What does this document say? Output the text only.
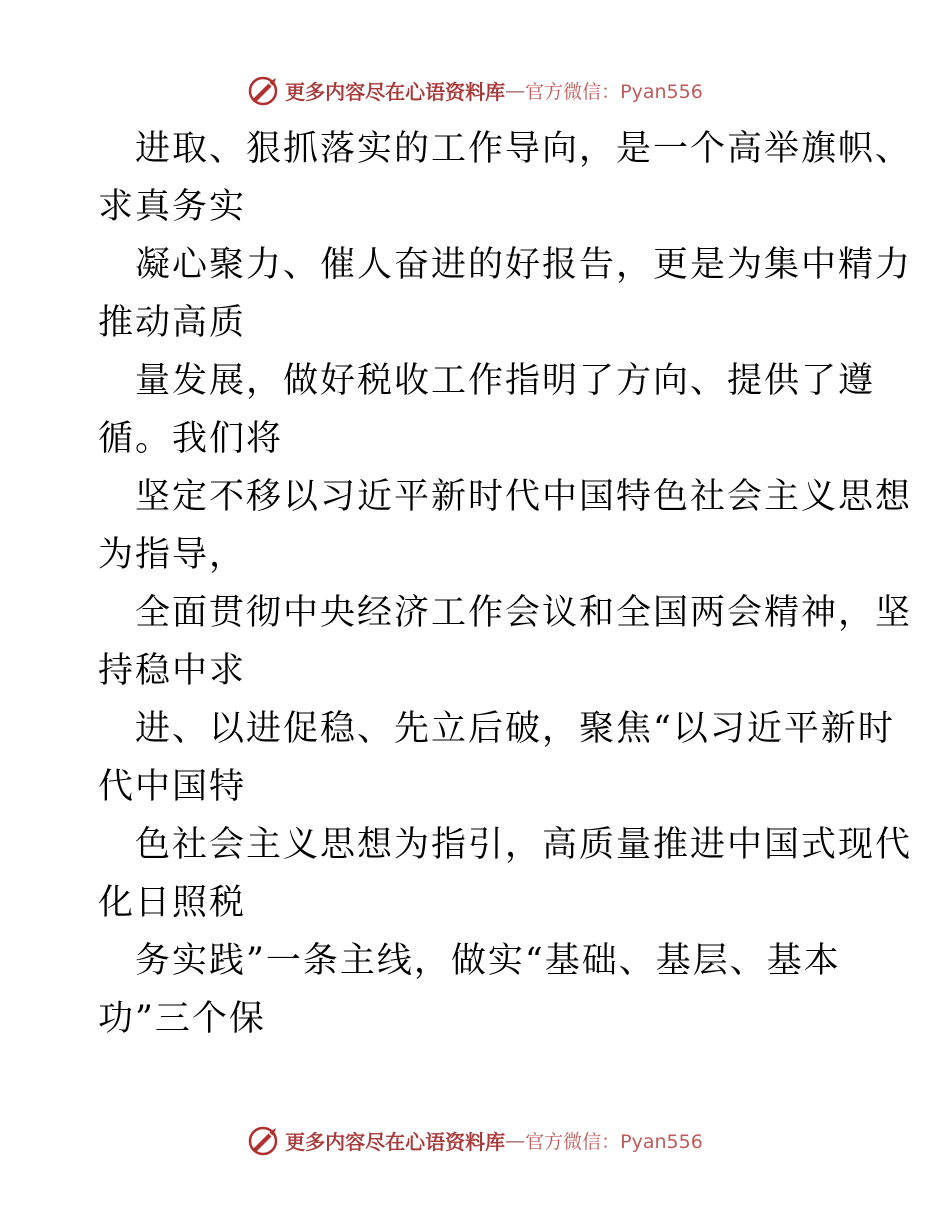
更多内容尽在心语资料库 — 官方微信：Pyan556
进取、狠抓落实的工作导向，是一个高举旗帜、
求真务实
凝心聚力、催人奋进的好报告，更是为集中精力
推动高质
量发展，做好税收工作指明了方向、提供了遵
循。我们将
坚定不移以习近平新时代中国特色社会主义思想
为指导，
全面贯彻中央经济工作会议和全国两会精神，坚
持稳中求
进、以进促稳、先立后破，聚焦“以习近平新时
代中国特
色社会主义思想为指引，高质量推进中国式现代
化日照税
务实践”一条主线，做实“基础、基层、基本
功”三个保
更多内容尽在心语资料库 — 官方微信：Pyan556
